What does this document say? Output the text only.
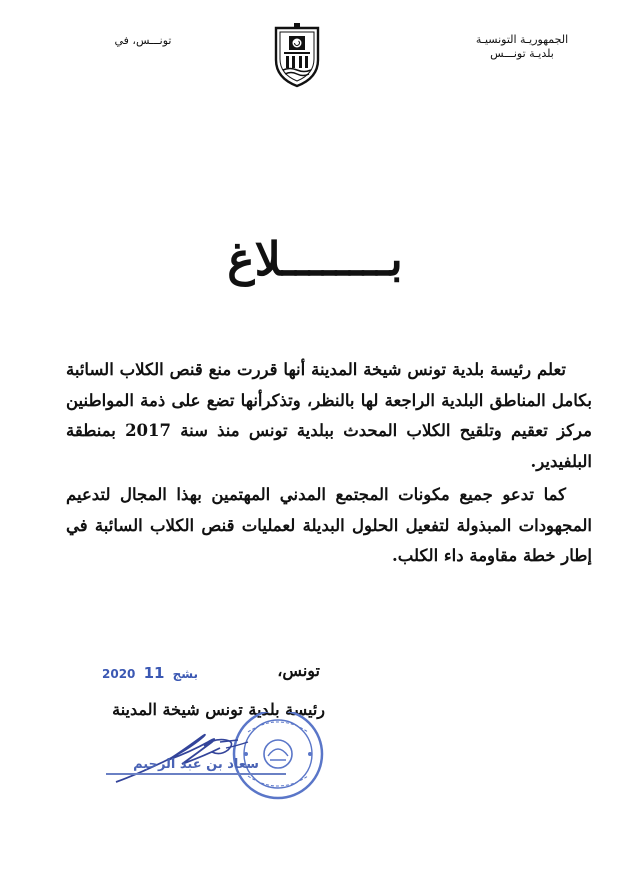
الجمهوريـة التونسيـة
بلديـة تونـــس
تونـــس، في
بــــــــلاغ

تعلم رئيسة بلدية تونس شيخة المدينة أنها قررت منع قنص الكلاب السائبة بكامل المناطق البلدية الراجعة لها بالنظر، وتذكرأنها تضع على ذمة المواطنين مركز تعقيم وتلقيح الكلاب المحدث ببلدية تونس منذ سنة 2017 بمنطقة البلفيدير.

كما تدعو جميع مكونات المجتمع المدني المهتمين بهذا المجال لتدعيم المجهودات المبذولة لتفعيل الحلول البديلة لعمليات قنص الكلاب السائبة في إطار خطة مقاومة داء الكلب.

تونس،
2020	بشج 11
رئيسة بلدية تونس شيخة المدينة
سعاد بن عبد الرحيم
